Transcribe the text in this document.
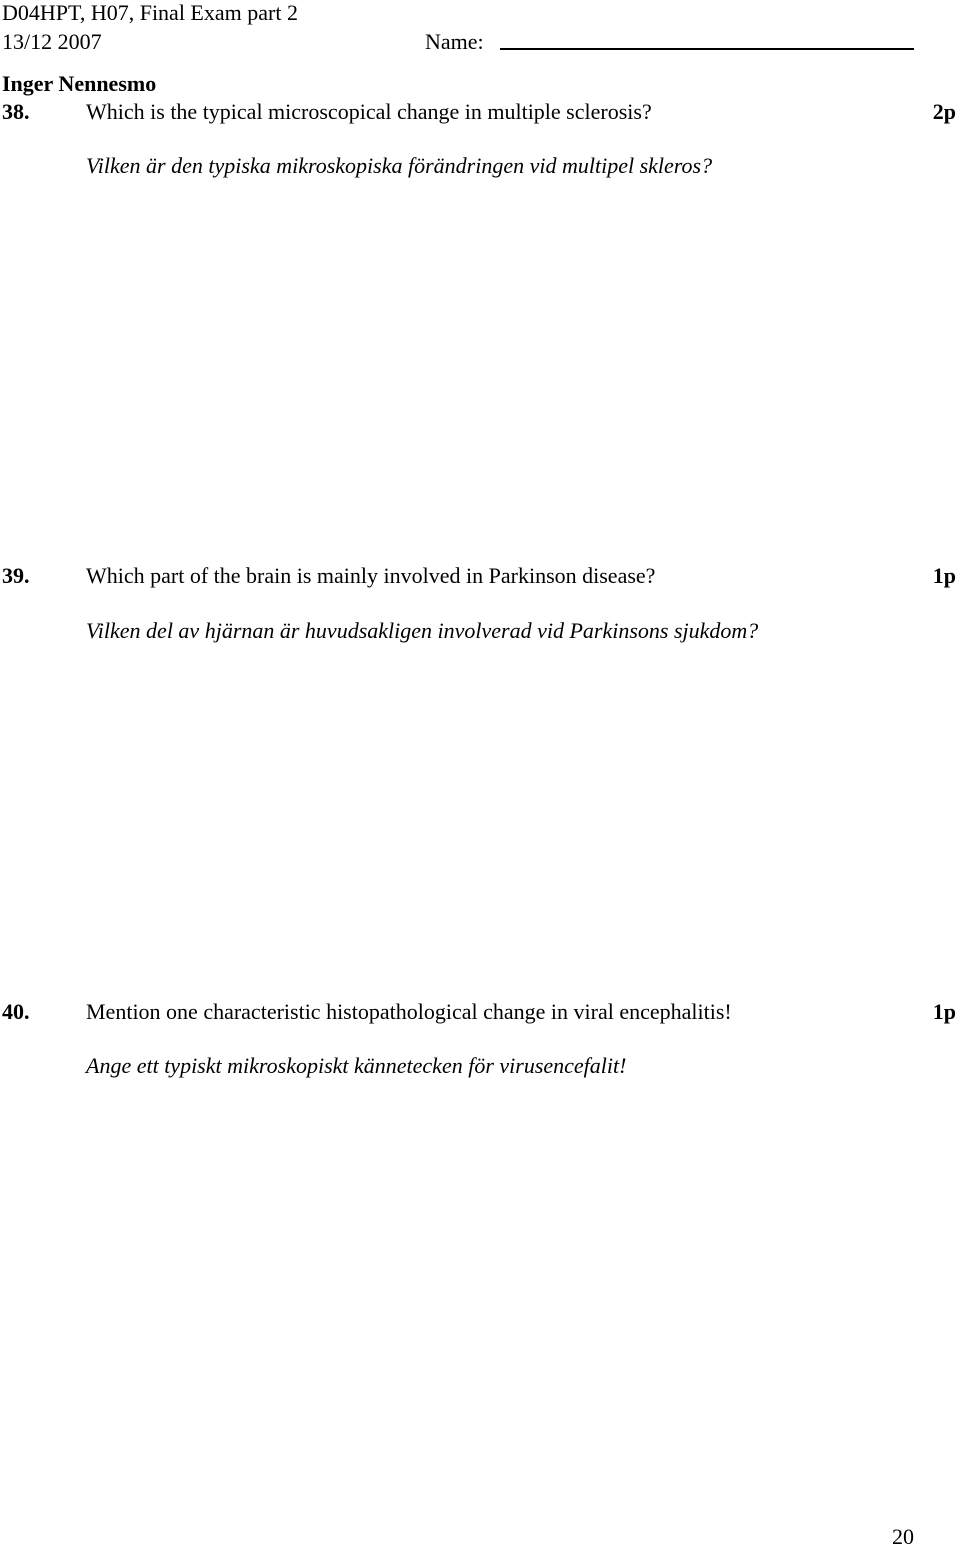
D04HPT, H07, Final Exam part 2
13/12 2007	Name:
Inger Nennesmo
38.	Which is the typical microscopical change in multiple sclerosis?	2p
Vilken är den typiska mikroskopiska förändringen vid multipel skleros?
39.	Which part of the brain is mainly involved in Parkinson disease?	1p
Vilken del av hjärnan är huvudsakligen involverad vid Parkinsons sjukdom?
40.	Mention one characteristic histopathological change in viral encephalitis!	1p
Ange ett typiskt mikroskopiskt kännetecken för virusencefalit!
20
